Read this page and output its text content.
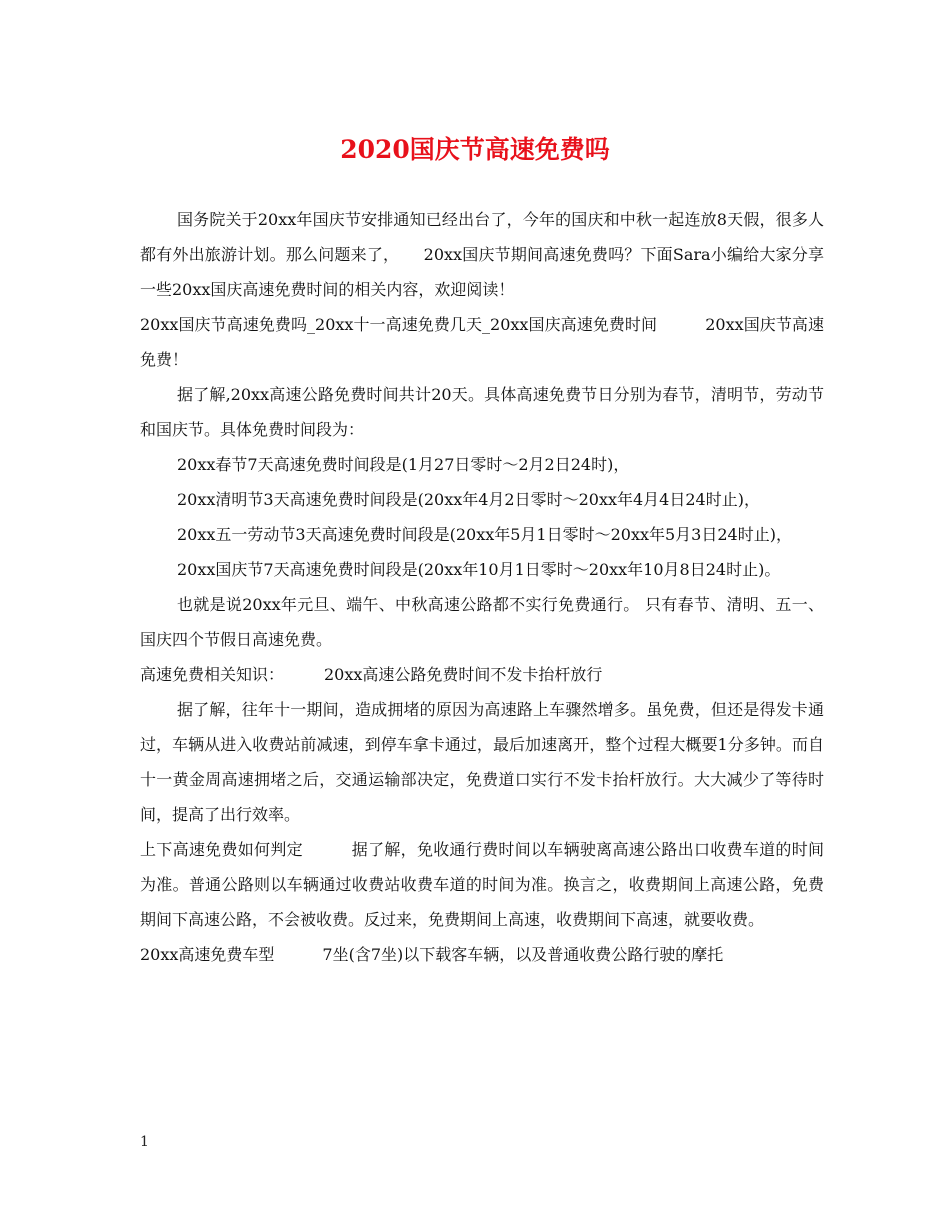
2020国庆节高速免费吗

国务院关于20xx年国庆节安排通知已经出台了，今年的国庆和中秋一起连放8天假，很多人都有外出旅游计划。那么问题来了，　　20xx国庆节期间高速免费吗？下面Sara小编给大家分享一些20xx国庆高速免费时间的相关内容，欢迎阅读！

20xx国庆节高速免费吗_20xx十一高速免费几天_20xx国庆高速免费时间　　　20xx国庆节高速免费！

据了解,20xx高速公路免费时间共计20天。具体高速免费节日分别为春节，清明节，劳动节和国庆节。具体免费时间段为：

20xx春节7天高速免费时间段是(1月27日零时～2月2日24时)，

20xx清明节3天高速免费时间段是(20xx年4月2日零时～20xx年4月4日24时止)，

20xx五一劳动节3天高速免费时间段是(20xx年5月1日零时～20xx年5月3日24时止)，

20xx国庆节7天高速免费时间段是(20xx年10月1日零时～20xx年10月8日24时止)。

也就是说20xx年元旦、端午、中秋高速公路都不实行免费通行。 只有春节、清明、五一、国庆四个节假日高速免费。

高速免费相关知识：　　　20xx高速公路免费时间不发卡抬杆放行

据了解，往年十一期间，造成拥堵的原因为高速路上车骤然增多。虽免费，但还是得发卡通过，车辆从进入收费站前减速，到停车拿卡通过，最后加速离开，整个过程大概要1分多钟。而自十一黄金周高速拥堵之后，交通运输部决定，免费道口实行不发卡抬杆放行。大大减少了等待时间，提高了出行效率。

上下高速免费如何判定　　　据了解，免收通行费时间以车辆驶离高速公路出口收费车道的时间为准。普通公路则以车辆通过收费站收费车道的时间为准。换言之，收费期间上高速公路，免费期间下高速公路，不会被收费。反过来，免费期间上高速，收费期间下高速，就要收费。

20xx高速免费车型　　　7坐(含7坐)以下载客车辆，以及普通收费公路行驶的摩托

1
